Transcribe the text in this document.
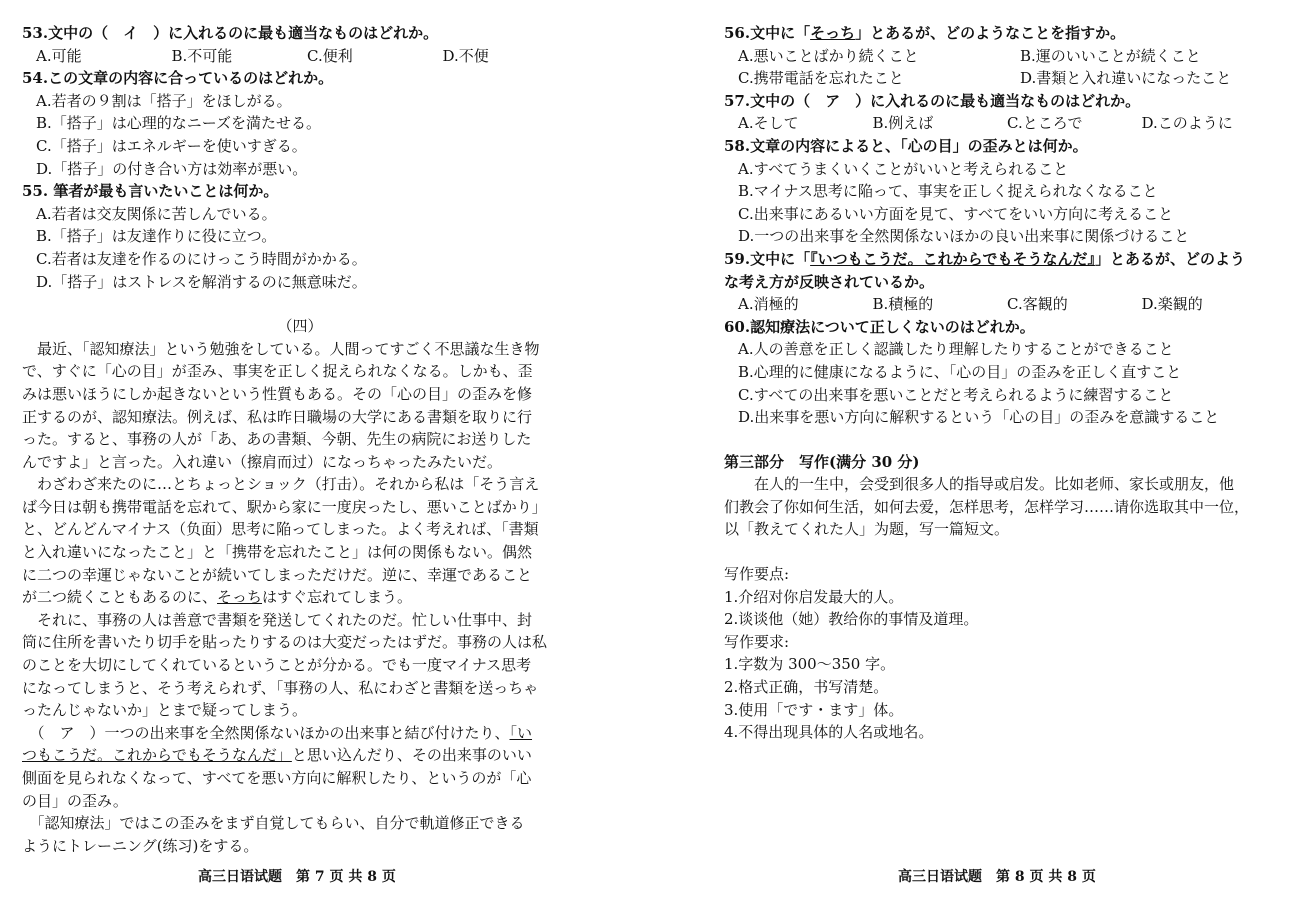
53.文中の（　イ　）に入れるのに最も適当なものはどれか。
A.可能	B.不可能	C.便利	D.不便
54.この文章の内容に合っているのはどれか。
A.若者の９割は「搭子」をほしがる。
B.「搭子」は心理的なニーズを満たせる。
C.「搭子」はエネルギーを使いすぎる。
D.「搭子」の付き合い方は効率が悪い。
55. 筆者が最も言いたいことは何か。
A.若者は交友関係に苦しんでいる。
B.「搭子」は友達作りに役に立つ。
C.若者は友達を作るのにけっこう時間がかかる。
D.「搭子」はストレスを解消するのに無意味だ。
（四）
　最近、「認知療法」という勉強をしている。人間ってすごく不思議な生き物
で、すぐに「心の目」が歪み、事実を正しく捉えられなくなる。しかも、歪
みは悪いほうにしか起きないという性質もある。その「心の目」の歪みを修
正するのが、認知療法。例えば、私は昨日職場の大学にある書類を取りに行
った。すると、事務の人が「あ、あの書類、今朝、先生の病院にお送りした
んですよ」と言った。入れ違い（擦肩而过）になっちゃったみたいだ。
　わざわざ来たのに…とちょっとショック（打击）。それから私は「そう言え
ば今日は朝も携帯電話を忘れて、駅から家に一度戻ったし、悪いことばかり」
と、どんどんマイナス（负面）思考に陥ってしまった。よく考えれば、「書類
と入れ違いになったこと」と「携帯を忘れたこと」は何の関係もない。偶然
に二つの幸運じゃないことが続いてしまっただけだ。逆に、幸運であること
が二つ続くこともあるのに、そっちはすぐ忘れてしまう。
　それに、事務の人は善意で書類を発送してくれたのだ。忙しい仕事中、封
筒に住所を書いたり切手を貼ったりするのは大変だったはずだ。事務の人は私
のことを大切にしてくれているということが分かる。でも一度マイナス思考
になってしまうと、そう考えられず、「事務の人、私にわざと書類を送っちゃ
ったんじゃないか」とまで疑ってしまう。
　（　ア　）一つの出来事を全然関係ないほかの出来事と結び付けたり、「い
つもこうだ。これからでもそうなんだ」と思い込んだり、その出来事のいい
側面を見られなくなって、すべてを悪い方向に解釈したり、というのが「心
の目」の歪み。
　「認知療法」ではこの歪みをまず自覚してもらい、自分で軌道修正できる
ようにトレーニング(练习)をする。
56.文中に「そっち」とあるが、どのようなことを指すか。
A.悪いことばかり続くこと	B.運のいいことが続くこと
C.携帯電話を忘れたこと	D.書類と入れ違いになったこと
57.文中の（　ア　）に入れるのに最も適当なものはどれか。
A.そして	B.例えば	C.ところで	D.このように
58.文章の内容によると、「心の目」の歪みとは何か。
A.すべてうまくいくことがいいと考えられること
B.マイナス思考に陥って、事実を正しく捉えられなくなること
C.出来事にあるいい方面を見て、すべてをいい方向に考えること
D.一つの出来事を全然関係ないほかの良い出来事に関係づけること
59.文中に「『いつもこうだ。これからでもそうなんだ』」とあるが、どのよう
な考え方が反映されているか。
A.消極的	B.積極的	C.客観的	D.楽観的
60.認知療法について正しくないのはどれか。
A.人の善意を正しく認識したり理解したりすることができること
B.心理的に健康になるように、「心の目」の歪みを正しく直すこと
C.すべての出来事を悪いことだと考えられるように練習すること
D.出来事を悪い方向に解釈するという「心の目」の歪みを意識すること
第三部分　写作(满分 30 分)
　　在人的一生中，会受到很多人的指导或启发。比如老师、家长或朋友，他
们教会了你如何生活，如何去爱，怎样思考，怎样学习……请你选取其中一位，
以「教えてくれた人」为题，写一篇短文。
写作要点:
1.介绍对你启发最大的人。
2.谈谈他（她）教给你的事情及道理。
写作要求:
1.字数为 300～350 字。
2.格式正确，书写清楚。
3.使用「です・ます」体。
4.不得出现具体的人名或地名。
高三日语试题　第 7 页 共 8 页	高三日语试题　第 8 页 共 8 页
